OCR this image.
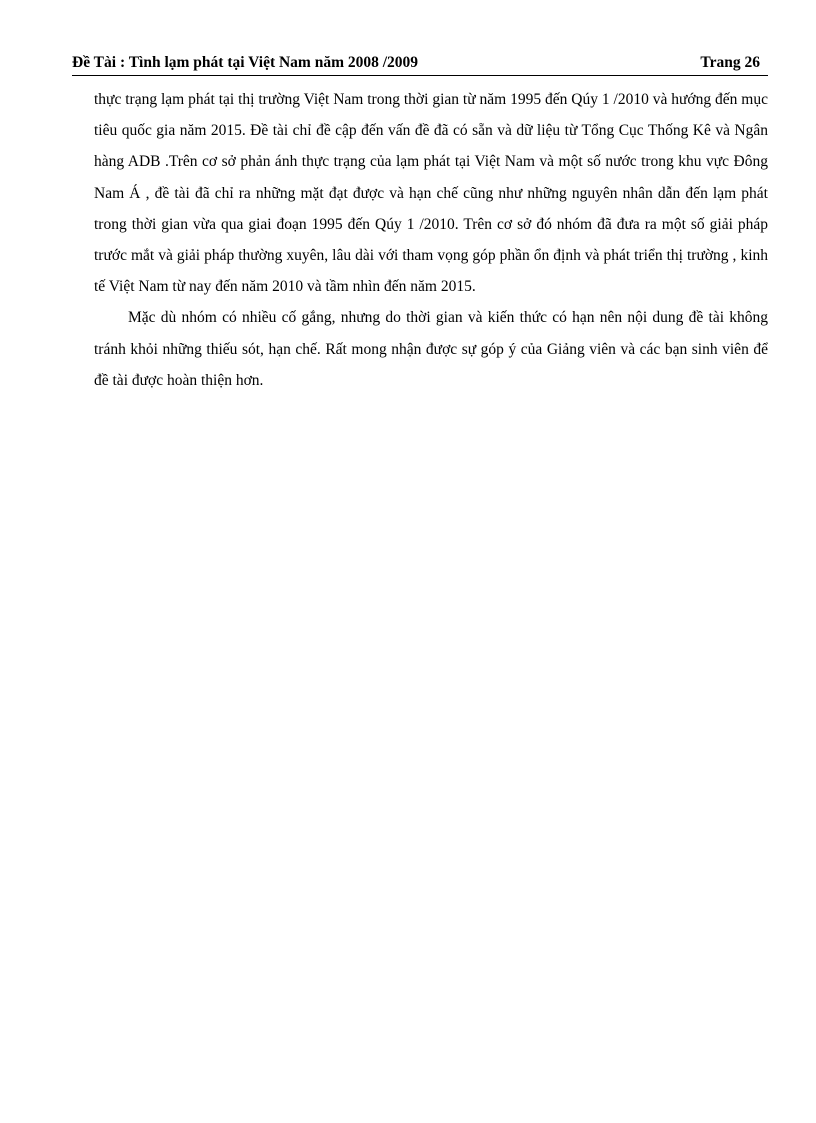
Đề Tài : Tình lạm phát tại Việt Nam năm 2008 /2009	Trang 26

thực trạng lạm phát tại thị trường Việt Nam trong thời gian từ năm 1995 đến Qúy 1 /2010 và hướng đến mục tiêu quốc gia năm 2015. Đề tài chỉ đề cập đến vấn đề đã có sẵn và dữ liệu từ Tổng Cục Thống Kê và Ngân hàng ADB .Trên cơ sở phản ánh thực trạng của lạm phát tại Việt Nam và một số nước trong khu vực Đông Nam Á , đề tài đã chỉ ra những mặt đạt được và hạn chế cũng như những nguyên nhân dẫn đến lạm phát trong thời gian vừa qua giai đoạn 1995 đến Qúy 1 /2010. Trên cơ sở đó nhóm đã đưa ra một số giải pháp trước mắt và giải pháp thường xuyên, lâu dài với tham vọng góp phần ổn định và phát triển thị trường , kinh tế Việt Nam từ nay đến năm 2010 và tầm nhìn đến năm 2015.

Mặc dù nhóm có nhiều cố gắng, nhưng do thời gian và kiến thức có hạn nên nội dung đề tài không tránh khỏi những thiếu sót, hạn chế. Rất mong nhận được sự góp ý của Giảng viên và các bạn sinh viên để đề tài được hoàn thiện hơn.
